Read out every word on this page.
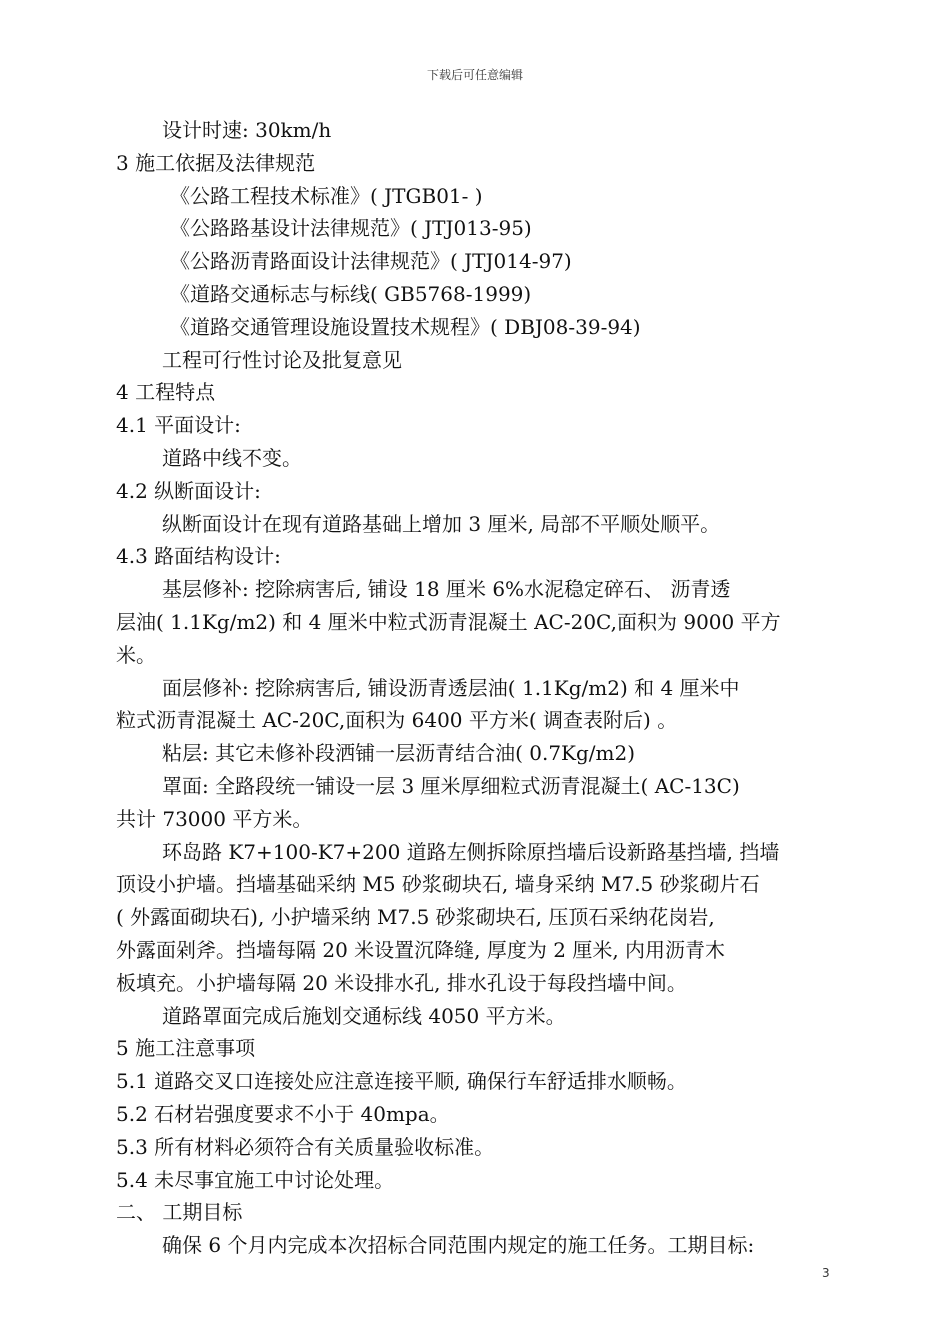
下载后可任意编辑
设计时速: 30km/h
3 施工依据及法律规范
《公路工程技术标准》( JTGB01- )
《公路路基设计法律规范》( JTJ013-95)
《公路沥青路面设计法律规范》( JTJ014-97)
《道路交通标志与标线( GB5768-1999)
《道路交通管理设施设置技术规程》( DBJ08-39-94)
工程可行性讨论及批复意见
4 工程特点
4.1 平面设计:
道路中线不变。
4.2 纵断面设计:
纵断面设计在现有道路基础上增加 3 厘米, 局部不平顺处顺平。
4.3 路面结构设计:
基层修补: 挖除病害后, 铺设 18 厘米 6%水泥稳定碎石、 沥青透
层油( 1.1Kg/m2) 和 4 厘米中粒式沥青混凝土 AC-20C,面积为 9000 平方
米。
面层修补: 挖除病害后, 铺设沥青透层油( 1.1Kg/m2) 和 4 厘米中
粒式沥青混凝土 AC-20C,面积为 6400 平方米( 调查表附后) 。
粘层: 其它未修补段洒铺一层沥青结合油( 0.7Kg/m2)
罩面: 全路段统一铺设一层 3 厘米厚细粒式沥青混凝土( AC-13C)
共计 73000 平方米。
环岛路 K7+100-K7+200 道路左侧拆除原挡墙后设新路基挡墙, 挡墙
顶设小护墙。挡墙基础采纳 M5 砂浆砌块石, 墙身采纳 M7.5 砂浆砌片石
( 外露面砌块石), 小护墙采纳 M7.5 砂浆砌块石, 压顶石采纳花岗岩,
外露面剁斧。挡墙每隔 20 米设置沉降缝, 厚度为 2 厘米, 内用沥青木
板填充。小护墙每隔 20 米设排水孔, 排水孔设于每段挡墙中间。
道路罩面完成后施划交通标线 4050 平方米。
5 施工注意事项
5.1 道路交叉口连接处应注意连接平顺, 确保行车舒适排水顺畅。
5.2 石材岩强度要求不小于 40mpa。
5.3 所有材料必须符合有关质量验收标准。
5.4 未尽事宜施工中讨论处理。
二、 工期目标
确保 6 个月内完成本次招标合同范围内规定的施工任务。工期目标:
3
